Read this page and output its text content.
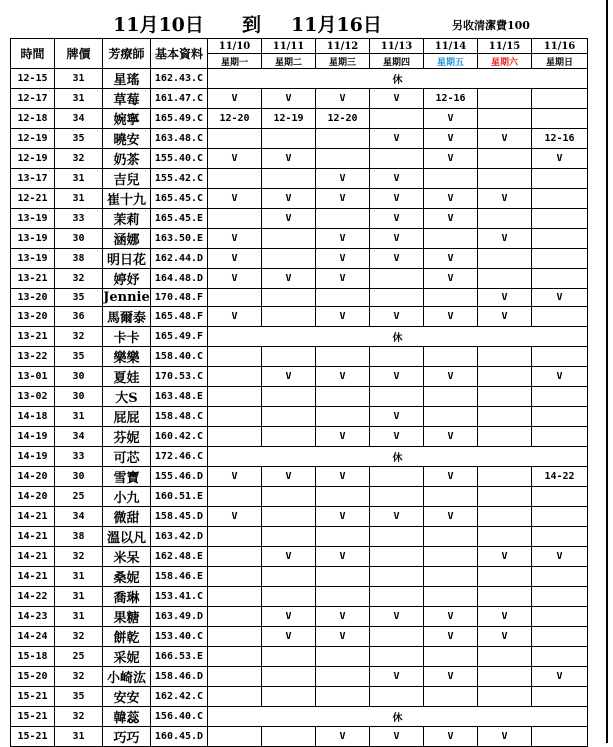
11月10日 到 11月16日	另收清潔費100
時間	牌價	芳療師	基本資料	11/10	11/11	11/12	11/13	11/14	11/15	11/16
				星期一	星期二	星期三	星期四	星期五	星期六	星期日
12-15	31	星瑤	162.43.C	休						
12-17	31	草莓	161.47.C	V	V	V	V	12-16		
12-18	34	婉寧	165.49.C	12-20	12-19	12-20		V		
12-19	35	曉安	163.48.C				V	V	V	12-16
12-19	32	奶茶	155.40.C	V	V			V		V
13-17	31	吉兒	155.42.C			V	V			
12-21	31	崔十九	165.45.C	V	V	V	V	V	V	
13-19	33	茉莉	165.45.E		V		V	V		
13-19	30	涵娜	163.50.E	V		V	V		V	
13-19	38	明日花	162.44.D	V		V	V	V		
13-21	32	婷妤	164.48.D	V	V	V		V		
13-20	35	Jennie	170.48.F						V	V
13-20	36	馬爾泰	165.48.F	V		V	V	V	V	
13-21	32	卡卡	165.49.F	休						
13-22	35	樂樂	158.40.C							
13-01	30	夏娃	170.53.C		V	V	V	V		V
13-02	30	大S	163.48.E							
14-18	31	屁屁	158.48.C				V			
14-19	34	芬妮	160.42.C			V	V	V		
14-19	33	可芯	172.46.C	休						
14-20	30	雪寶	155.46.D	V	V	V		V		14-22
14-20	25	小九	160.51.E							
14-21	34	微甜	158.45.D	V		V	V	V		
14-21	38	溫以凡	163.42.D							
14-21	32	米呆	162.48.E		V	V			V	V
14-21	31	桑妮	158.46.E							
14-22	31	喬琳	153.41.C							
14-23	31	果糖	163.49.D		V	V	V	V	V	
14-24	32	餅乾	153.40.C		V	V		V	V	
15-18	25	采妮	166.53.E							
15-20	32	小崎汯	158.46.D				V	V		V
15-21	35	安安	162.42.C							
15-21	32	韓蕊	156.40.C	休						
15-21	31	巧巧	160.45.D			V	V	V	V	
